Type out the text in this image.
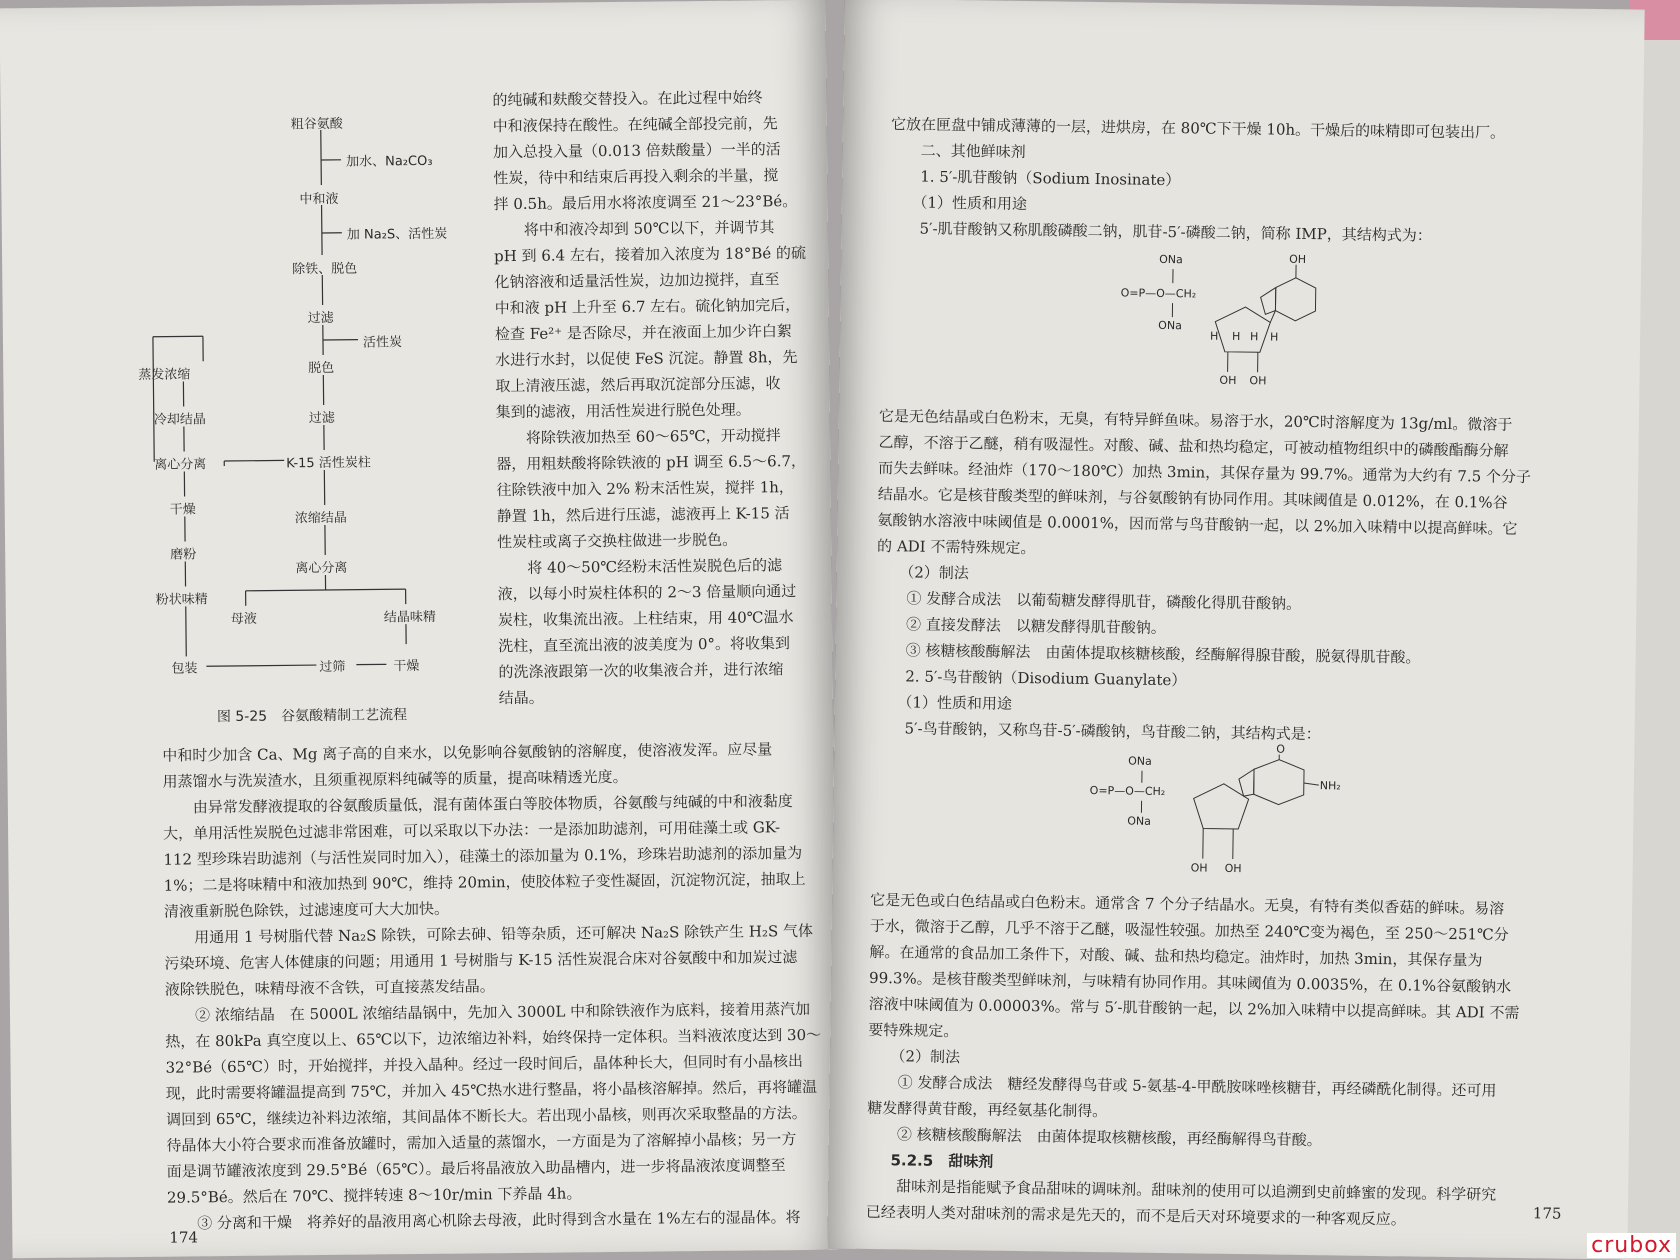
粗谷氨酸
加水、Na₂CO₃
中和液
加 Na₂S、活性炭
除铁、脱色
过滤
活性炭
脱色
过滤
K-15 活性炭柱
浓缩结晶
离心分离
母液	结晶味精
干燥
过筛
包装
蒸发浓缩
冷却结晶
离心分离
干燥
磨粉
粉状味精
图 5-25　谷氨酸精制工艺流程

的纯碱和麸酸交替投入。在此过程中始终

中和液保持在酸性。在纯碱全部投完前，先

加入总投入量（0.013 倍麸酸量）一半的活

性炭，待中和结束后再投入剩余的半量，搅

拌 0.5h。最后用水将浓度调至 21～23°Bé。

　　将中和液冷却到 50℃以下，并调节其

pH 到 6.4 左右，接着加入浓度为 18°Bé 的硫

化钠溶液和适量活性炭，边加边搅拌，直至

中和液 pH 上升至 6.7 左右。硫化钠加完后，

检查 Fe²⁺ 是否除尽，并在液面上加少许白絮

水进行水封，以促使 FeS 沉淀。静置 8h，先

取上清液压滤，然后再取沉淀部分压滤，收

集到的滤液，用活性炭进行脱色处理。

　　将除铁液加热至 60～65℃，开动搅拌

器，用粗麸酸将除铁液的 pH 调至 6.5～6.7，

往除铁液中加入 2% 粉末活性炭，搅拌 1h，

静置 1h，然后进行压滤，滤液再上 K-15 活

性炭柱或离子交换柱做进一步脱色。

　　将 40～50℃经粉末活性炭脱色后的滤

液，以每小时炭柱体积的 2～3 倍量顺向通过

炭柱，收集流出液。上柱结束，用 40℃温水

洗柱，直至流出液的波美度为 0°。将收集到

的洗涤液跟第一次的收集液合并，进行浓缩

结晶。

中和时少加含 Ca、Mg 离子高的自来水，以免影响谷氨酸钠的溶解度，使溶液发浑。应尽量

用蒸馏水与洗炭渣水，且须重视原料纯碱等的质量，提高味精透光度。

　　由异常发酵液提取的谷氨酸质量低，混有菌体蛋白等胶体物质，谷氨酸与纯碱的中和液黏度

大，单用活性炭脱色过滤非常困难，可以采取以下办法：一是添加助滤剂，可用硅藻土或 GK-

112 型珍珠岩助滤剂（与活性炭同时加入），硅藻土的添加量为 0.1%，珍珠岩助滤剂的添加量为

1%；二是将味精中和液加热到 90℃，维持 20min，使胶体粒子变性凝固，沉淀物沉淀，抽取上

清液重新脱色除铁，过滤速度可大大加快。

　　用通用 1 号树脂代替 Na₂S 除铁，可除去砷、铅等杂质，还可解决 Na₂S 除铁产生 H₂S 气体

污染环境、危害人体健康的问题；用通用 1 号树脂与 K-15 活性炭混合床对谷氨酸中和加炭过滤

液除铁脱色，味精母液不含铁，可直接蒸发结晶。

　　② 浓缩结晶　在 5000L 浓缩结晶锅中，先加入 3000L 中和除铁液作为底料，接着用蒸汽加

热，在 80kPa 真空度以上、65℃以下，边浓缩边补料，始终保持一定体积。当料液浓度达到 30～

32°Bé（65℃）时，开始搅拌，并投入晶种。经过一段时间后，晶体种长大，但同时有小晶核出

现，此时需要将罐温提高到 75℃，并加入 45℃热水进行整晶，将小晶核溶解掉。然后，再将罐温

调回到 65℃，继续边补料边浓缩，其间晶体不断长大。若出现小晶核，则再次采取整晶的方法。

待晶体大小符合要求而准备放罐时，需加入适量的蒸馏水，一方面是为了溶解掉小晶核；另一方

面是调节罐液浓度到 29.5°Bé（65℃）。最后将晶液放入助晶槽内，进一步将晶液浓度调整至

29.5°Bé。然后在 70℃、搅拌转速 8～10r/min 下养晶 4h。

　　③ 分离和干燥　将养好的晶液用离心机除去母液，此时得到含水量在 1%左右的湿晶体。将

174

它放在匣盘中铺成薄薄的一层，进烘房，在 80℃下干燥 10h。干燥后的味精即可包装出厂。

　　二、其他鲜味剂

　　1. 5′-肌苷酸钠（Sodium Inosinate）

　　（1）性质和用途

　　5′-肌苷酸钠又称肌酸磷酸二钠，肌苷-5′-磷酸二钠，简称 IMP，其结构式为：

ONa
O=P—O—CH₂
ONa
OH
H H H H
OH OH

它是无色结晶或白色粉末，无臭，有特异鲜鱼味。易溶于水，20℃时溶解度为 13g/ml。微溶于

乙醇，不溶于乙醚，稍有吸湿性。对酸、碱、盐和热均稳定，可被动植物组织中的磷酸酯酶分解

而失去鲜味。经油炸（170～180℃）加热 3min，其保存量为 99.7%。通常为大约有 7.5 个分子

结晶水。它是核苷酸类型的鲜味剂，与谷氨酸钠有协同作用。其味阈值是 0.012%，在 0.1%谷

氨酸钠水溶液中味阈值是 0.0001%，因而常与鸟苷酸钠一起，以 2%加入味精中以提高鲜味。它

的 ADI 不需特殊规定。

　　（2）制法

　　① 发酵合成法　以葡萄糖发酵得肌苷，磷酸化得肌苷酸钠。

　　② 直接发酵法　以糖发酵得肌苷酸钠。

　　③ 核糖核酸酶解法　由菌体提取核糖核酸，经酶解得腺苷酸，脱氨得肌苷酸。

　　2. 5′-鸟苷酸钠（Disodium Guanylate）

　　（1）性质和用途

　　5′-鸟苷酸钠，又称鸟苷-5′-磷酸钠，鸟苷酸二钠，其结构式是：

ONa
O=P—O—CH₂
ONa
O
NH₂
OH OH

它是无色或白色结晶或白色粉末。通常含 7 个分子结晶水。无臭，有特有类似香菇的鲜味。易溶

于水，微溶于乙醇，几乎不溶于乙醚，吸湿性较强。加热至 240℃变为褐色，至 250～251℃分

解。在通常的食品加工条件下，对酸、碱、盐和热均稳定。油炸时，加热 3min，其保存量为

99.3%。是核苷酸类型鲜味剂，与味精有协同作用。其味阈值为 0.0035%，在 0.1%谷氨酸钠水

溶液中味阈值为 0.00003%。常与 5′-肌苷酸钠一起，以 2%加入味精中以提高鲜味。其 ADI 不需

要特殊规定。

　　（2）制法

　　① 发酵合成法　糖经发酵得鸟苷或 5-氨基-4-甲酰胺咪唑核糖苷，再经磷酰化制得。还可用

糖发酵得黄苷酸，再经氨基化制得。

　　② 核糖核酸酶解法　由菌体提取核糖核酸，再经酶解得鸟苷酸。

5.2.5　 甜味剂

　　甜味剂是指能赋予食品甜味的调味剂。甜味剂的使用可以追溯到史前蜂蜜的发现。科学研究

已经表明人类对甜味剂的需求是先天的，而不是后天对环境要求的一种客观反应。	175
crubox
